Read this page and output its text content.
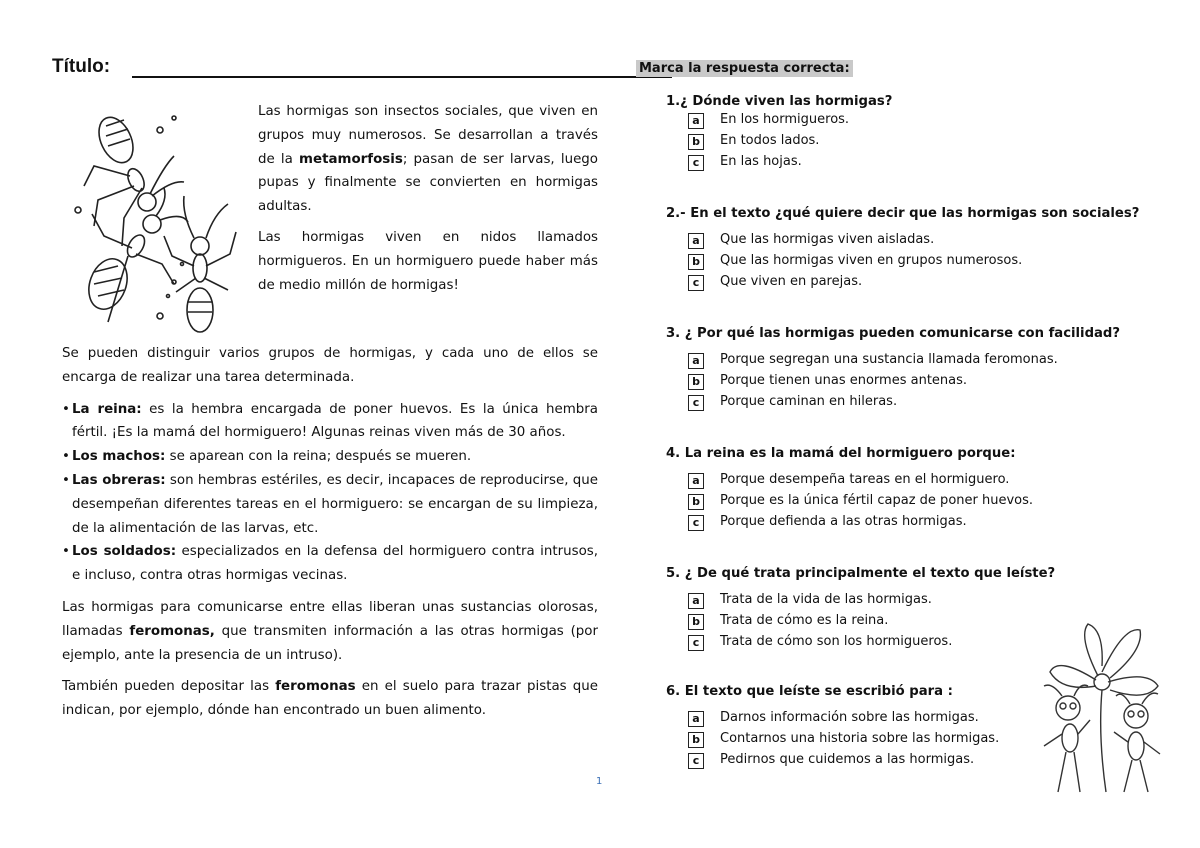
Título:

Las hormigas son insectos sociales, que viven en grupos muy numerosos. Se desarrollan a través de la metamorfosis; pasan de ser larvas, luego pupas y finalmente se convierten en hormigas adultas.

Las hormigas viven en nidos llamados hormigueros. En un hormiguero puede haber más de medio millón de hormigas!

Se pueden distinguir varios grupos de hormigas, y cada uno de ellos se encarga de realizar una tarea determinada.

• La reina: es la hembra encargada de poner huevos. Es la única hembra fértil. ¡Es la mamá del hormiguero! Algunas reinas viven más de 30 años.
• Los machos: se aparean con la reina; después se mueren.
• Las obreras: son hembras estériles, es decir, incapaces de reproducirse, que desempeñan diferentes tareas en el hormiguero: se encargan de su limpieza, de la alimentación de las larvas, etc.
• Los soldados: especializados en la defensa del hormiguero contra intrusos, e incluso, contra otras hormigas vecinas.

Las hormigas para comunicarse entre ellas liberan unas sustancias olorosas, llamadas feromonas, que transmiten información a las otras hormigas (por ejemplo, ante la presencia de un intruso).

También pueden depositar las feromonas en el suelo para trazar pistas que indican, por ejemplo, dónde han encontrado un buen alimento.

1
Marca la respuesta correcta:
1.¿ Dónde viven las hormigas?
a	En los hormigueros.
b	En todos lados.
c	En las hojas.
2.- En el texto ¿qué quiere decir que las hormigas son sociales?
a	Que las hormigas viven aisladas.
b	Que las hormigas viven en grupos numerosos.
c	Que viven en parejas.
3. ¿ Por qué las hormigas pueden comunicarse con facilidad?
a	Porque segregan una sustancia llamada feromonas.
b	Porque tienen unas enormes antenas.
c	Porque caminan en hileras.
4. La reina es la mamá del hormiguero porque:
a	Porque desempeña tareas en el hormiguero.
b	Porque es la única fértil capaz de poner huevos.
c	Porque defienda a las otras hormigas.
5. ¿ De qué trata principalmente el texto que leíste?
a	Trata de la vida de las hormigas.
b	Trata de cómo es la reina.
c	Trata de cómo son los hormigueros.
6. El texto que leíste se escribió para :
a	Darnos información sobre las hormigas.
b	Contarnos una historia sobre las hormigas.
c	Pedirnos que cuidemos a las hormigas.
